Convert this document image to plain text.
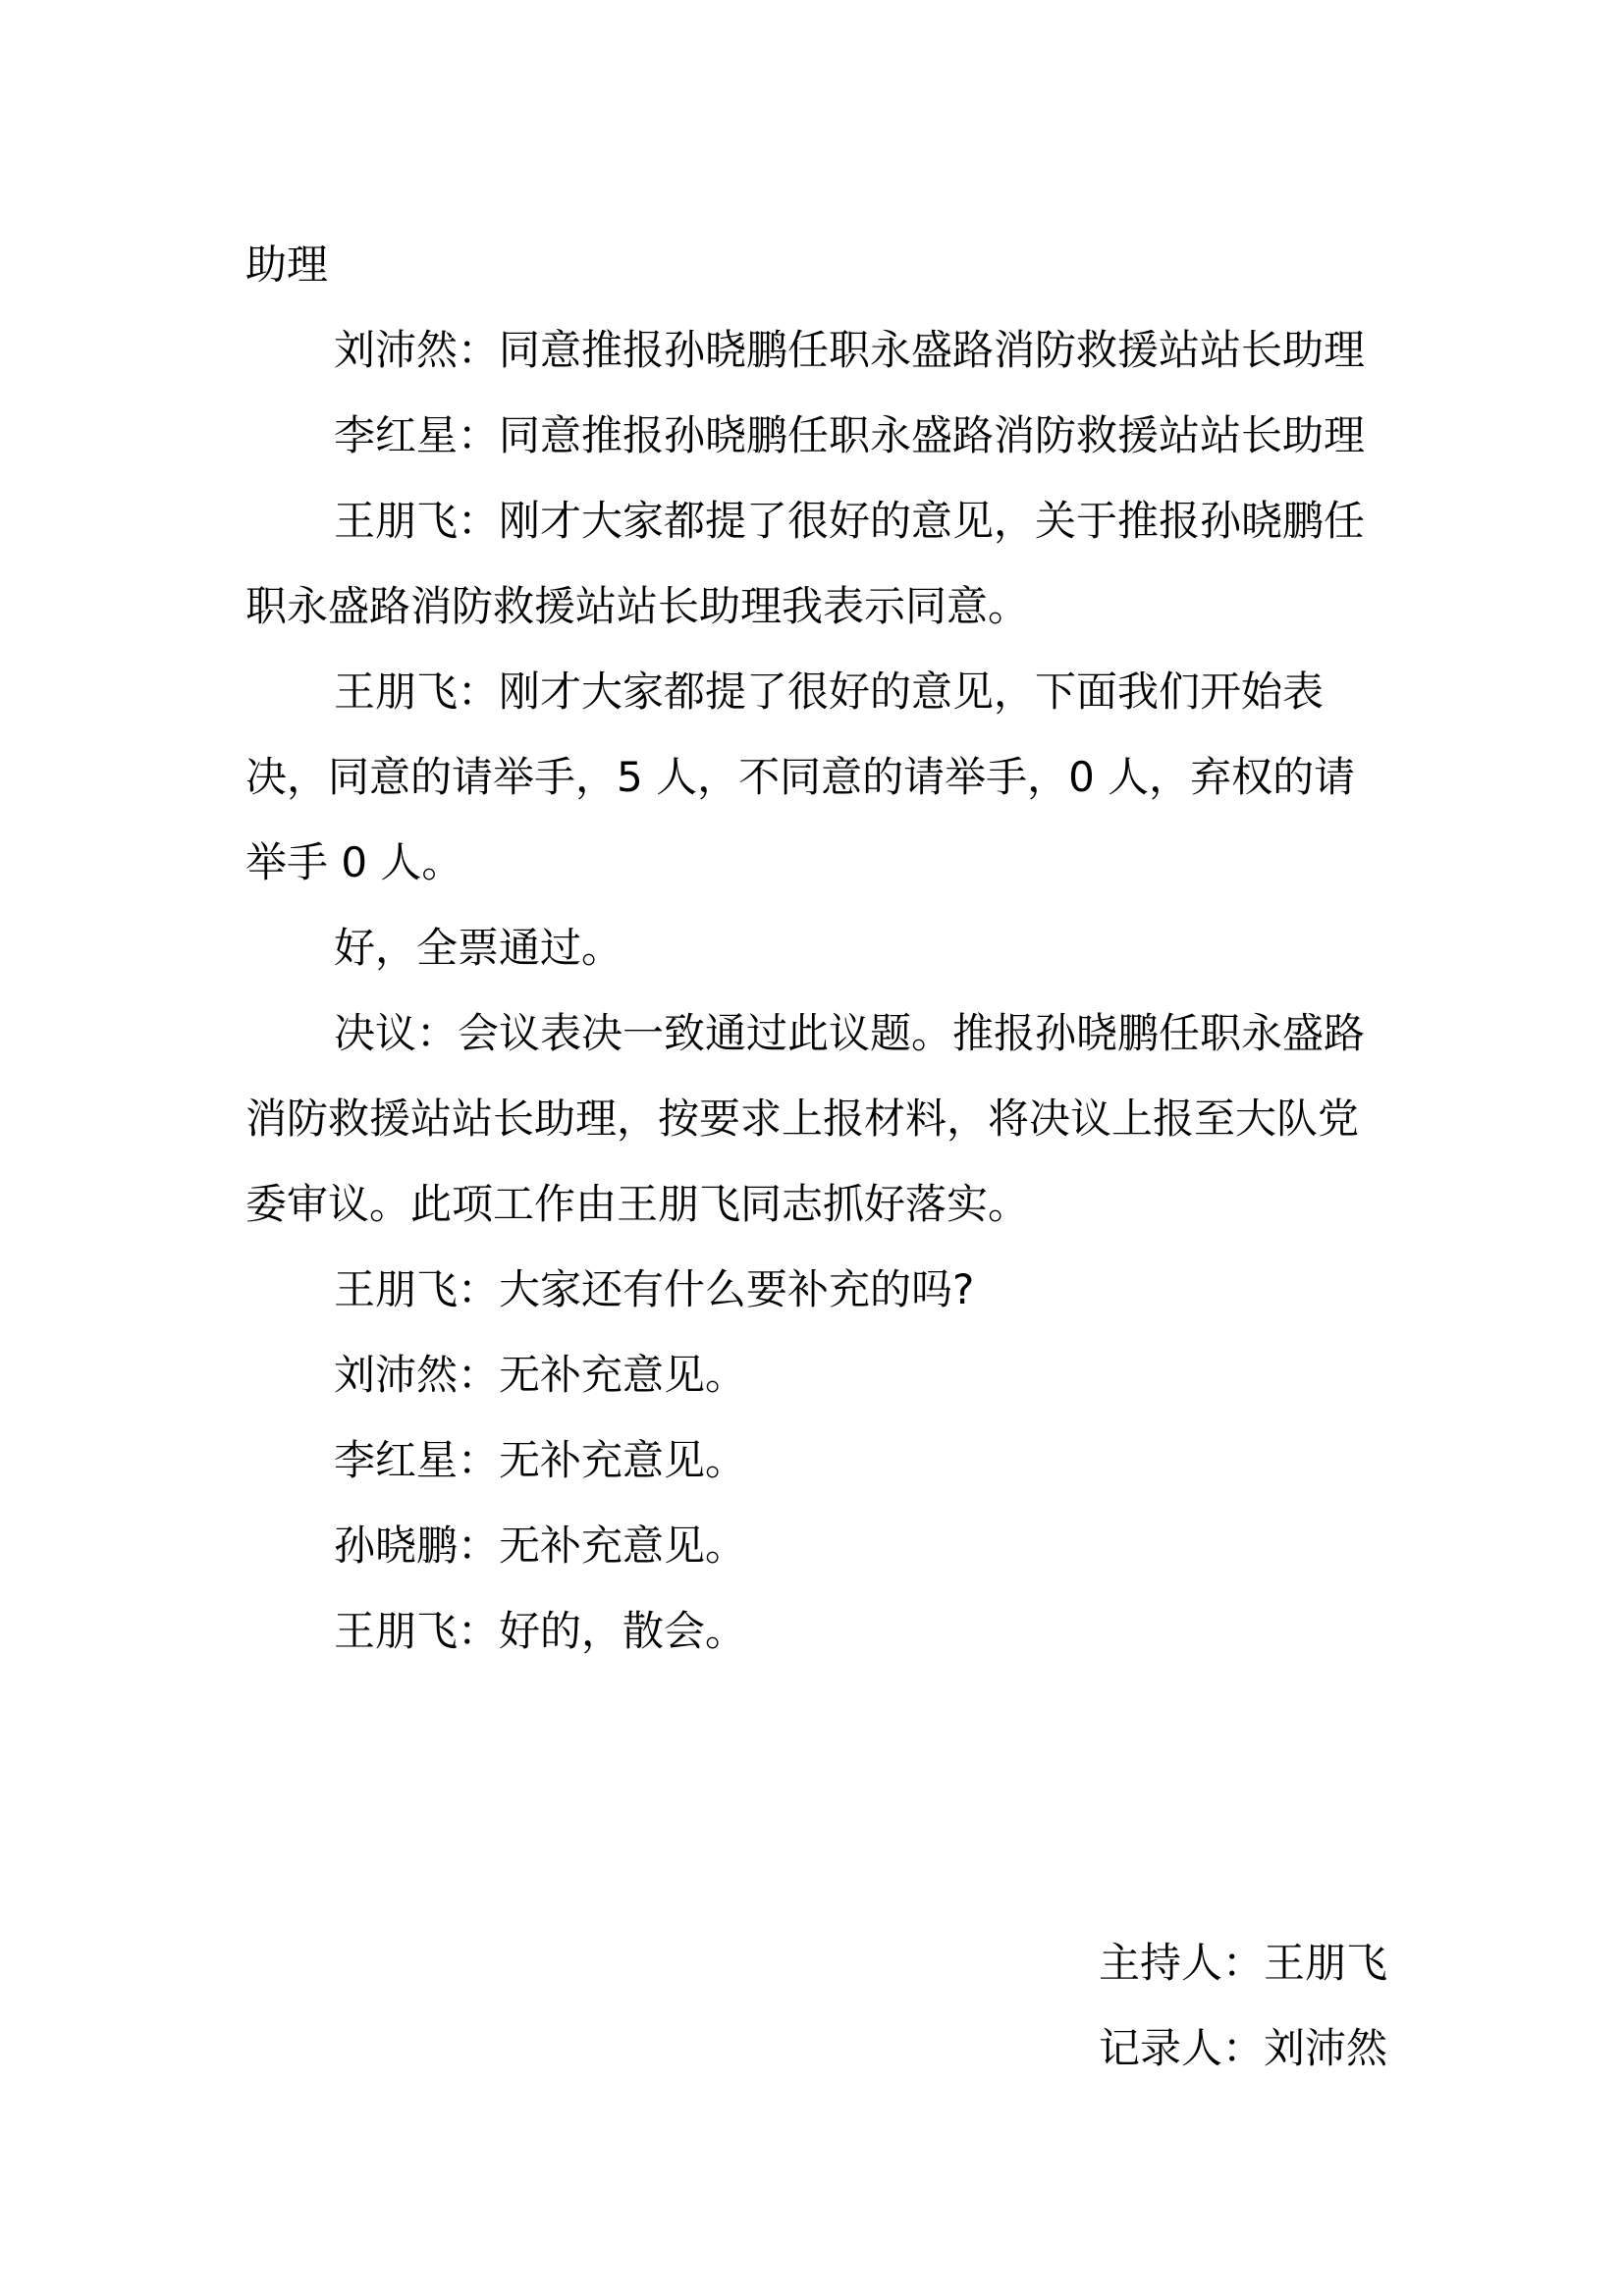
助理

刘沛然：同意推报孙晓鹏任职永盛路消防救援站站长助理

李红星：同意推报孙晓鹏任职永盛路消防救援站站长助理

王朋飞：刚才大家都提了很好的意见，关于推报孙晓鹏任职永盛路消防救援站站长助理我表示同意。

王朋飞：刚才大家都提了很好的意见，下面我们开始表决，同意的请举手，5 人，不同意的请举手，0 人，弃权的请举手 0 人。

好，全票通过。

决议：会议表决一致通过此议题。推报孙晓鹏任职永盛路消防救援站站长助理，按要求上报材料，将决议上报至大队党委审议。此项工作由王朋飞同志抓好落实。

王朋飞：大家还有什么要补充的吗?

刘沛然：无补充意见。

李红星：无补充意见。

孙晓鹏：无补充意见。

王朋飞：好的，散会。

主持人：王朋飞
记录人：刘沛然
